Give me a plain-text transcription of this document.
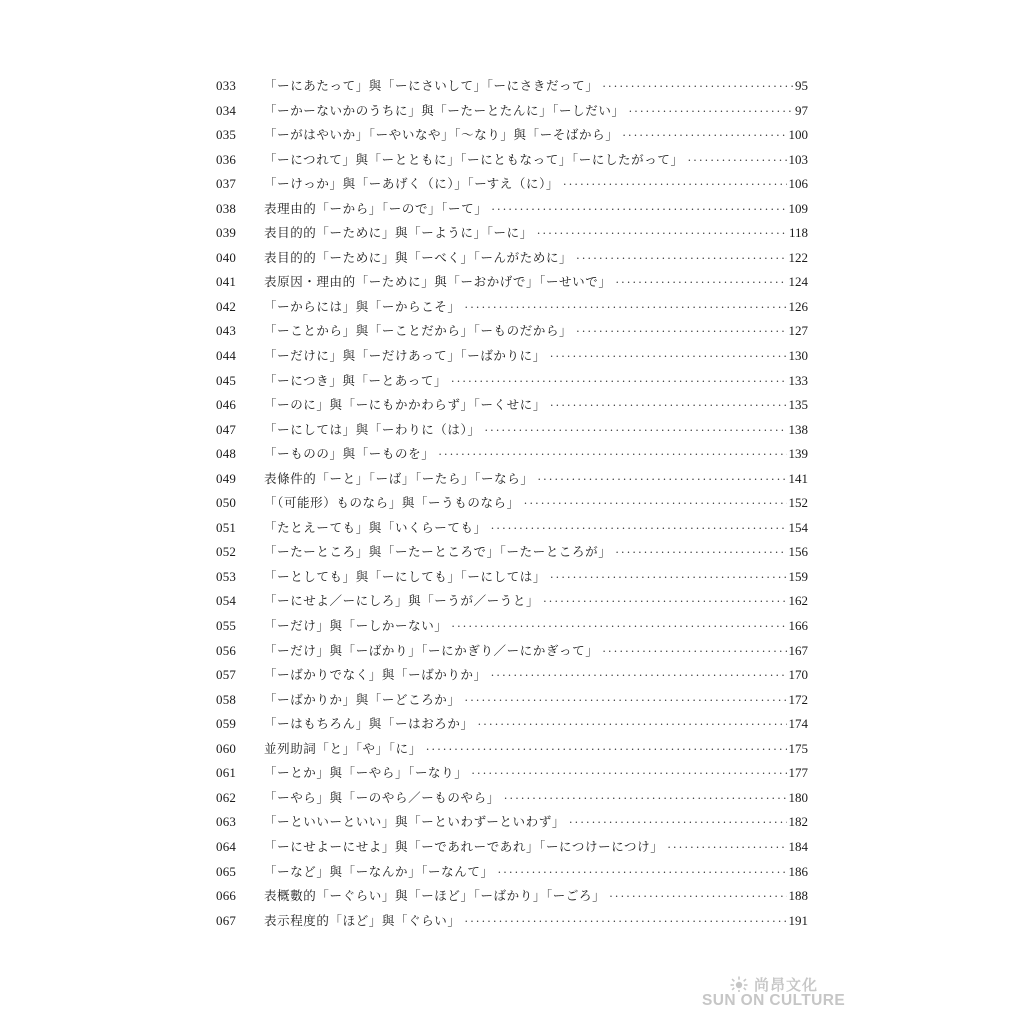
033	「ーにあたって」與「ーにさいして」「ーにさきだって」 ·····	95
034	「ーかーないかのうちに」與「ーたーとたんに」「ーしだい」 ·····	97
035	「ーがはやいか」「ーやいなや」「～なり」與「ーそばから」 ·····	100
036	「ーにつれて」與「ーとともに」「ーにともなって」「ーにしたがって」 ·····	103
037	「ーけっか」與「ーあげく（に）」「ーすえ（に）」 ·····	106
038	表理由的「ーから」「ーので」「ーて」 ·····	109
039	表目的的「ーために」與「ーように」「ーに」 ·····	118
040	表目的的「ーために」與「ーべく」「ーんがために」 ·····	122
041	表原因・理由的「ーために」與「ーおかげで」「ーせいで」 ·····	124
042	「ーからには」與「ーからこそ」 ·····	126
043	「ーことから」與「ーことだから」「ーものだから」 ·····	127
044	「ーだけに」與「ーだけあって」「ーばかりに」 ·····	130
045	「ーにつき」與「ーとあって」 ·····	133
046	「ーのに」與「ーにもかかわらず」「ーくせに」 ·····	135
047	「ーにしては」與「ーわりに（は）」 ·····	138
048	「ーものの」與「ーものを」 ·····	139
049	表條件的「ーと」「ーば」「ーたら」「ーなら」 ·····	141
050	「（可能形）ものなら」與「ーうものなら」 ·····	152
051	「たとえーても」與「いくらーても」 ·····	154
052	「ーたーところ」與「ーたーところで」「ーたーところが」 ·····	156
053	「ーとしても」與「ーにしても」「ーにしては」 ·····	159
054	「ーにせよ／ーにしろ」與「ーうが／ーうと」 ·····	162
055	「ーだけ」與「ーしかーない」 ·····	166
056	「ーだけ」與「ーばかり」「ーにかぎり／ーにかぎって」 ·····	167
057	「ーばかりでなく」與「ーばかりか」 ·····	170
058	「ーばかりか」與「ーどころか」 ·····	172
059	「ーはもちろん」與「ーはおろか」 ·····	174
060	並列助詞「と」「や」「に」 ·····	175
061	「ーとか」與「ーやら」「ーなり」 ·····	177
062	「ーやら」與「ーのやら／ーものやら」 ·····	180
063	「ーといいーといい」與「ーといわずーといわず」 ·····	182
064	「ーにせよーにせよ」與「ーであれーであれ」「ーにつけーにつけ」 ·····	184
065	「ーなど」與「ーなんか」「ーなんて」 ·····	186
066	表概數的「ーぐらい」與「ーほど」「ーばかり」「ーごろ」 ·····	188
067	表示程度的「ほど」與「ぐらい」 ·····	191
尚昂文化
SUN ON CULTURE
